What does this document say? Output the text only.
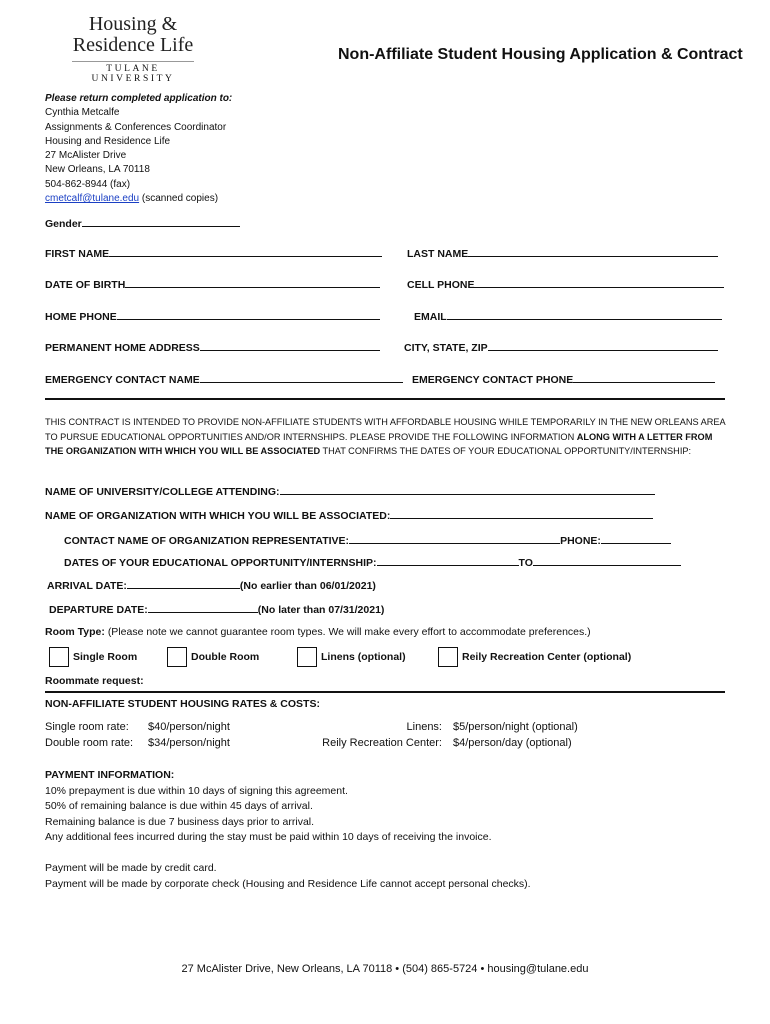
Housing &
Residence Life
TULANE UNIVERSITY
Non-Affiliate Student Housing Application & Contract
Please return completed application to:
Cynthia Metcalfe
Assignments & Conferences Coordinator
Housing and Residence Life
27 McAlister Drive
New Orleans, LA 70118
504-862-8944 (fax)
cmetcalf@tulane.edu (scanned copies)
Gender
FIRST NAME	LAST NAME
DATE OF BIRTH	CELL PHONE
HOME PHONE	EMAIL
PERMANENT HOME ADDRESS	CITY, STATE, ZIP
EMERGENCY CONTACT NAME	EMERGENCY CONTACT PHONE
THIS CONTRACT IS INTENDED TO PROVIDE NON-AFFILIATE STUDENTS WITH AFFORDABLE HOUSING WHILE TEMPORARILY IN THE NEW ORLEANS AREA TO PURSUE EDUCATIONAL OPPORTUNITIES AND/OR INTERNSHIPS. PLEASE PROVIDE THE FOLLOWING INFORMATION ALONG WITH A LETTER FROM THE ORGANIZATION WITH WHICH YOU WILL BE ASSOCIATED THAT CONFIRMS THE DATES OF YOUR EDUCATIONAL OPPORTUNITY/INTERNSHIP:
NAME OF UNIVERSITY/COLLEGE ATTENDING:
NAME OF ORGANIZATION WITH WHICH YOU WILL BE ASSOCIATED:
CONTACT NAME OF ORGANIZATION REPRESENTATIVE:	PHONE:
DATES OF YOUR EDUCATIONAL OPPORTUNITY/INTERNSHIP:	TO
ARRIVAL DATE:	(No earlier than 06/01/2021)
DEPARTURE DATE:	(No later than 07/31/2021)
Room Type: (Please note we cannot guarantee room types. We will make every effort to accommodate preferences.)
Single Room	Double Room	Linens (optional)	Reily Recreation Center (optional)
Roommate request:
NON-AFFILIATE STUDENT HOUSING RATES & COSTS:
Single room rate: $40/person/night
Double room rate: $34/person/night
Linens: $5/person/night (optional)
Reily Recreation Center: $4/person/day (optional)
PAYMENT INFORMATION:
10% prepayment is due within 10 days of signing this agreement.
50% of remaining balance is due within 45 days of arrival.
Remaining balance is due 7 business days prior to arrival.
Any additional fees incurred during the stay must be paid within 10 days of receiving the invoice.
Payment will be made by credit card.
Payment will be made by corporate check (Housing and Residence Life cannot accept personal checks).
27 McAlister Drive, New Orleans, LA 70118 • (504) 865-5724 • housing@tulane.edu
